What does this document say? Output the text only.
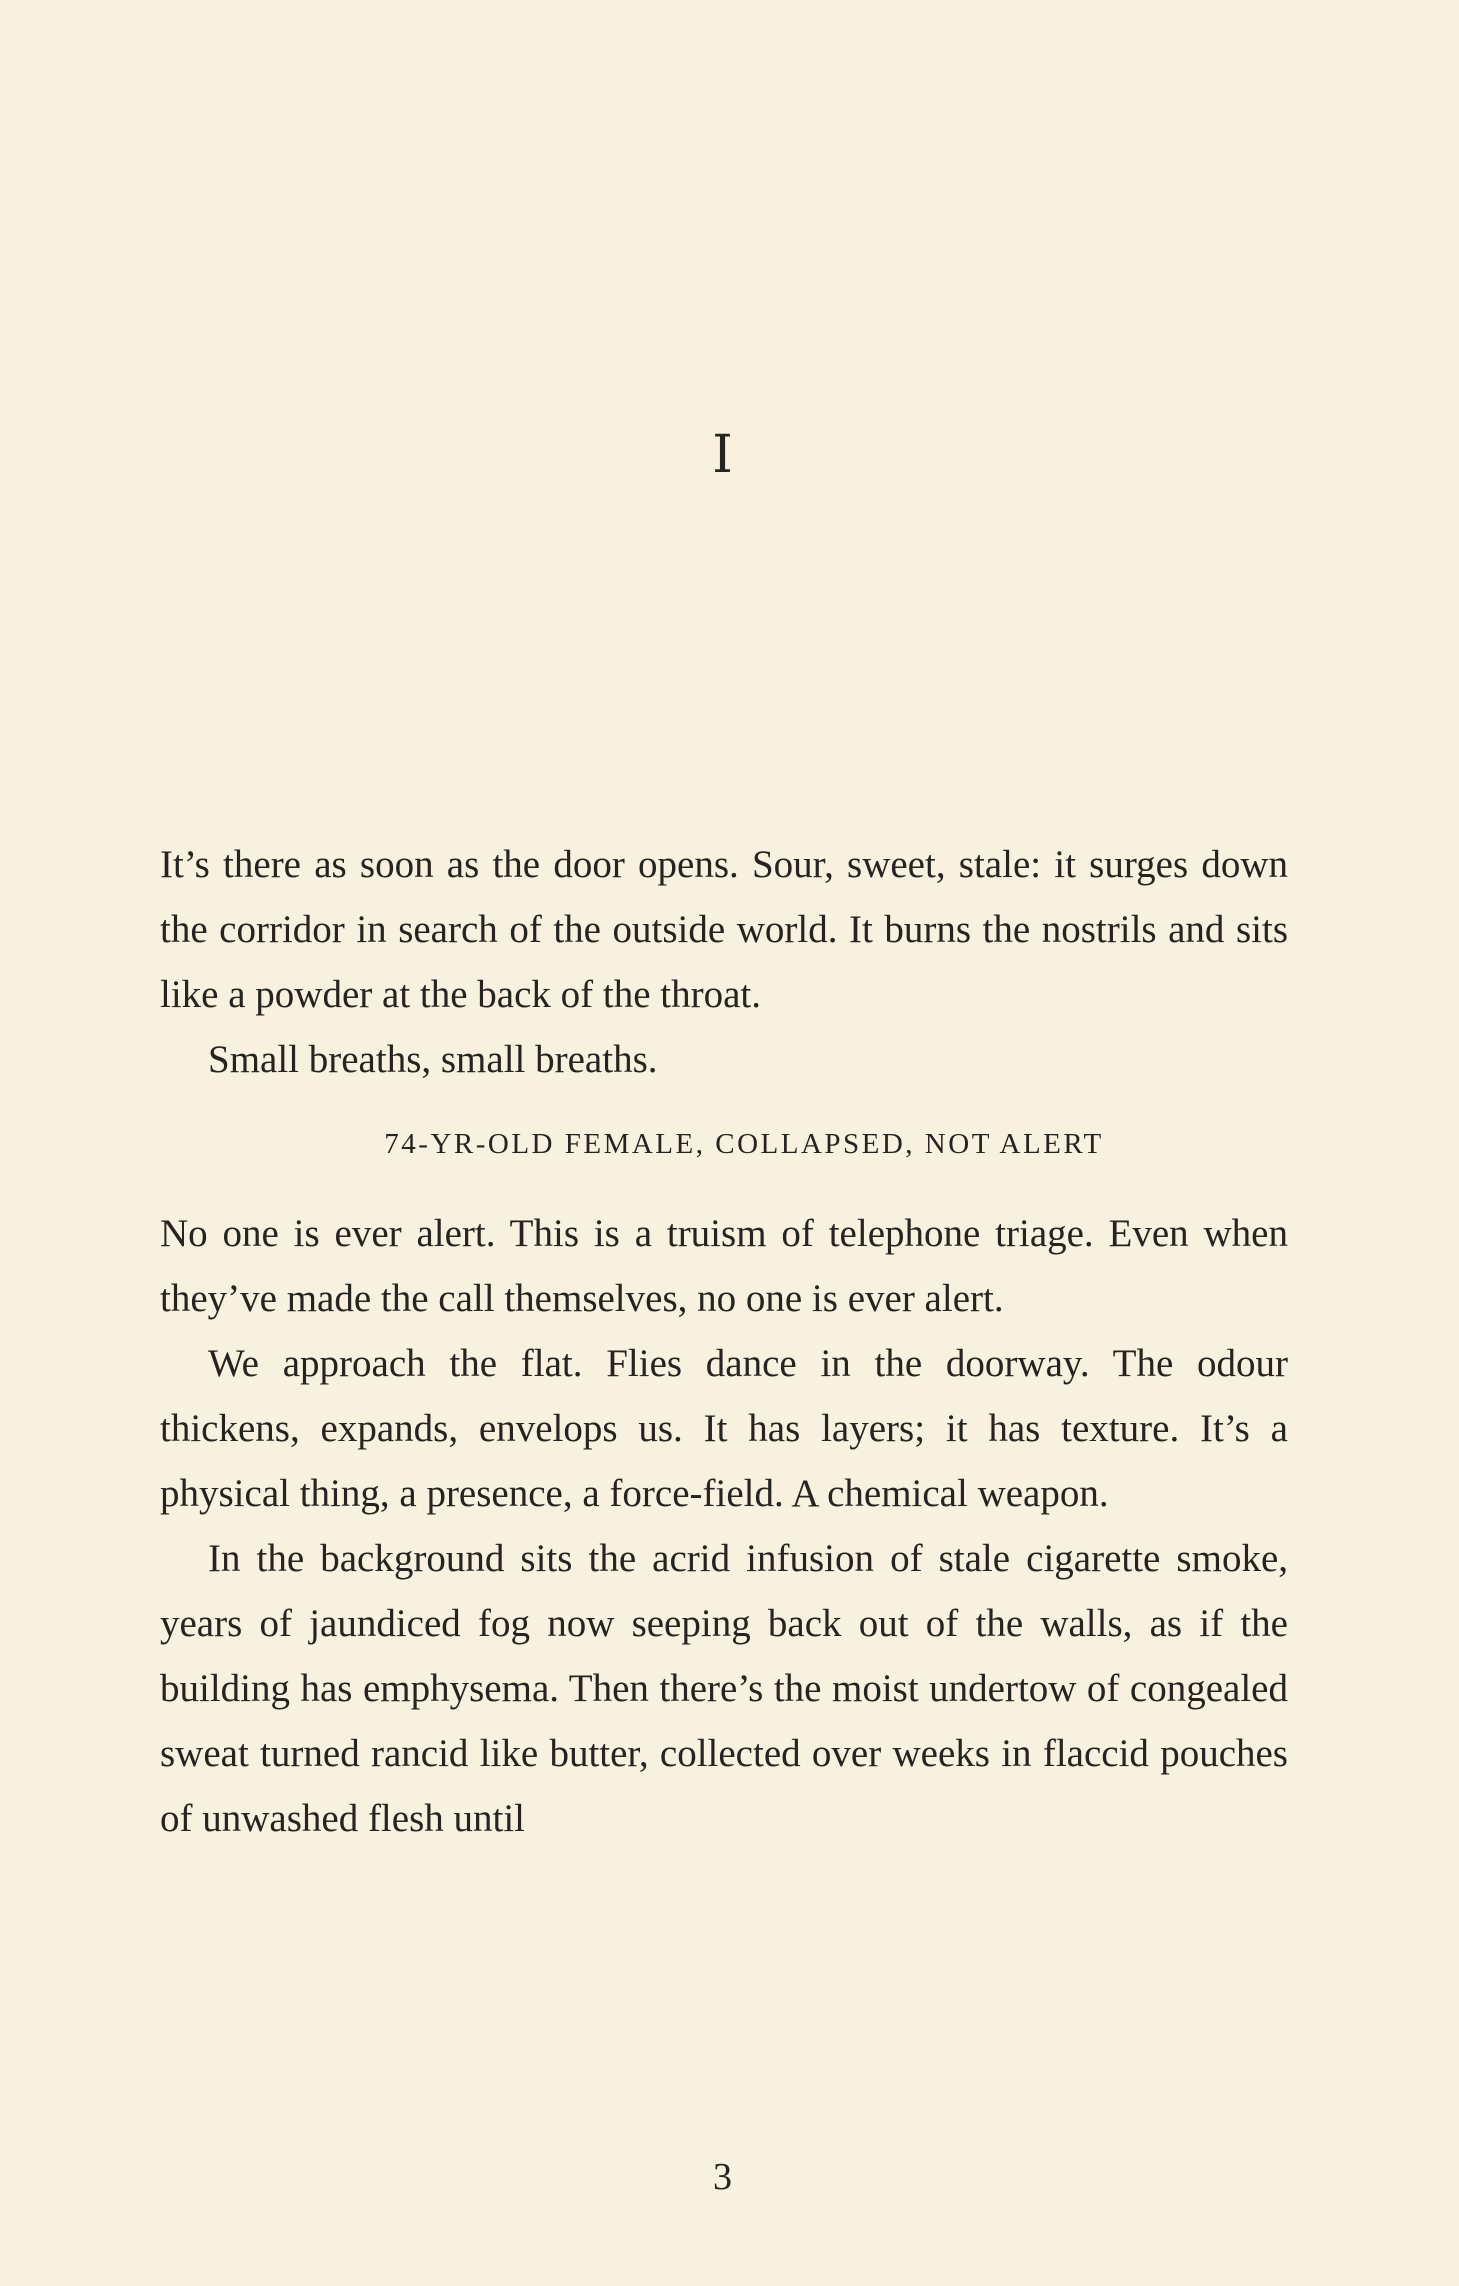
I

It’s there as soon as the door opens. Sour, sweet, stale: it surges down the corridor in search of the outside world. It burns the nostrils and sits like a powder at the back of the throat.

Small breaths, small breaths.

74-YR-OLD FEMALE, COLLAPSED, NOT ALERT

No one is ever alert. This is a truism of telephone triage. Even when they’ve made the call themselves, no one is ever alert.

We approach the flat. Flies dance in the doorway. The odour thickens, expands, envelops us. It has layers; it has texture. It’s a physical thing, a presence, a force-field. A chemical weapon.

In the background sits the acrid infusion of stale cigarette smoke, years of jaundiced fog now seeping back out of the walls, as if the building has emphysema. Then there’s the moist undertow of congealed sweat turned rancid like butter, collected over weeks in flaccid pouches of unwashed flesh until

3
